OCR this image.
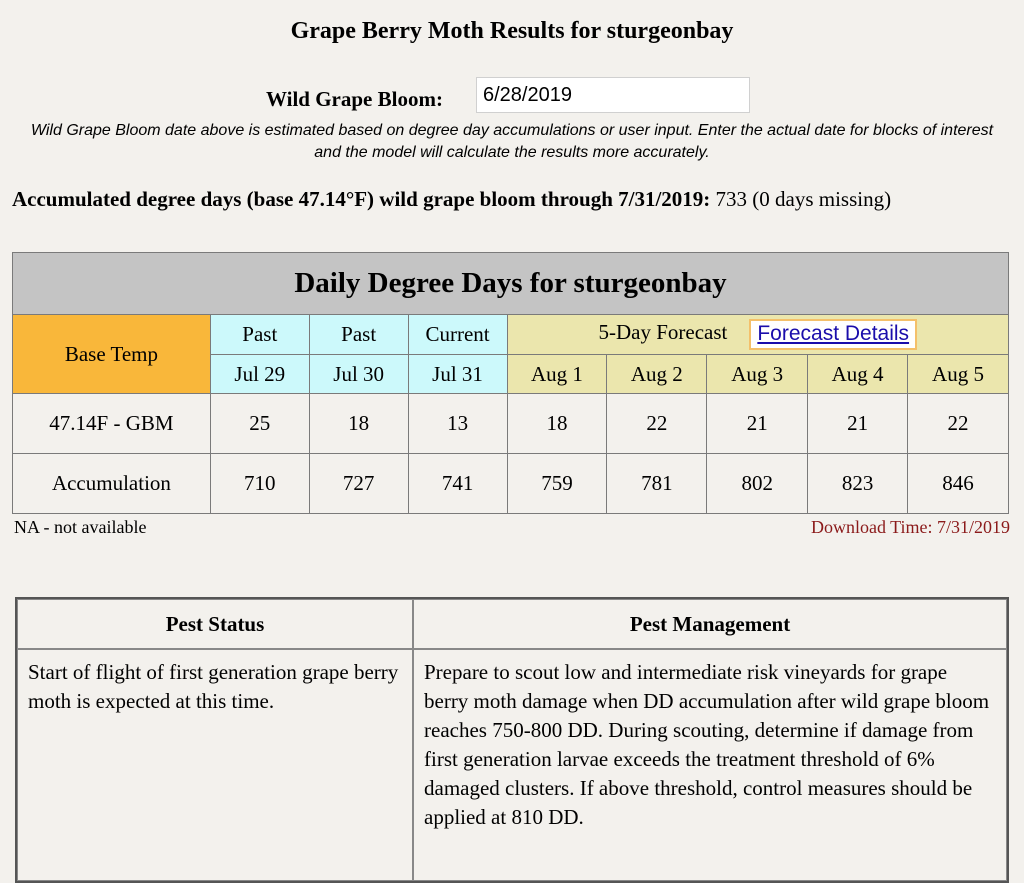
Grape Berry Moth Results for sturgeonbay
Wild Grape Bloom:
6/28/2019
Wild Grape Bloom date above is estimated based on degree day accumulations or user input. Enter the actual date for blocks of interest and the model will calculate the results more accurately.
Accumulated degree days (base 47.14°F) wild grape bloom through 7/31/2019: 733 (0 days missing)
Daily Degree Days for sturgeonbay								
Base Temp	Past	Past	Current	5-Day Forecast Forecast Details				
	Jul 29	Jul 30	Jul 31	Aug 1	Aug 2	Aug 3	Aug 4	Aug 5
47.14F - GBM	25	18	13	18	22	21	21	22
Accumulation	710	727	741	759	781	802	823	846
NA - not available	Download Time: 7/31/2019
Pest Status	Pest Management
Start of flight of first generation grape berry moth is expected at this time.	Prepare to scout low and intermediate risk vineyards for grape berry moth damage when DD accumulation after wild grape bloom reaches 750-800 DD. During scouting, determine if damage from first generation larvae exceeds the treatment threshold of 6% damaged clusters. If above threshold, control measures should be applied at 810 DD.
